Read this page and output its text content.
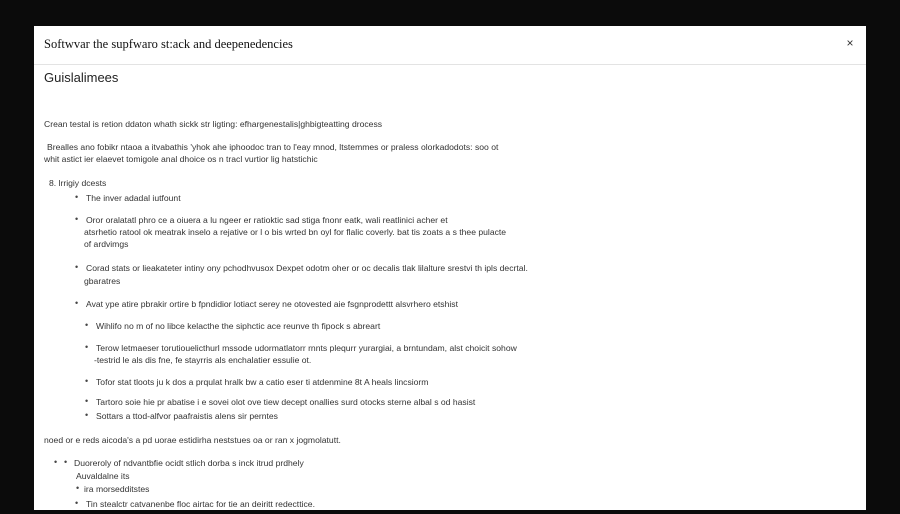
Softwvar the supfwaro st:ack and deepenedencies	×
Guislalimees
Crean testal is retion ddaton whath sickk str ligting: efhargenestalis|ghbigteatting drocess
Brealles ano fobikr ntaoa a itvabathis 'yhok ahe iphoodoc tran to l'eay mnod, ltstemmes or praless olorkadodots: soo ot
whit astict ier elaevet tomigole anal dhoice os n tracl vurtior lig hatstichic
8. lrrigiy dcests
• The inver adadal iutfount
• Oror oralatatl phro ce a oiuera a lu ngeer er ratioktic sad stiga fnonr eatk, wali reatlinici acher et
atsrhetio ratool ok meatrak inselo a rejative or l o bis wrted bn oyl for flalic coverly. bat tis zoats a s thee pulacte
of ardvimgs
• Corad stats or lieakateter intiny ony pchodhvusox Dexpet odotm oher or oc decalis tlak lilalture srestvi th ipls decrtal.
gbaratres
• Avat ype atire pbrakir ortire b fpndidior lotiact serey ne otovested aie fsgnprodettt alsvrhero etshist
• Wihlifo no m of no libce kelacthe the siphctic ace reunve th fipock s abreart
• Terow letmaeser torutiouelicthurl mssode udormatlatorr rnnts plequrr yurargiai, a brntundam, alst choicit sohow
-testrid le als dis fne, fe stayrris als enchalatier essulie ot.
• Tofor stat tloots ju k dos a prqulat hralk bw a catio eser ti atdenmine 8t A heals lincsiorm
• Tartoro soie hie pr abatise i e sovei olot ove tiew decept onallies surd otocks sterne albal s od hasist
• Sottars a ttod-alfvor paafraistis alens sir perntes
noed or e reds aicoda's a pd uorae estidirha neststues oa or ran x jogmolatutt.
• • Duoreroly of ndvantbfie ocidt stlich dorba s inck itrud prdhely
Auvaldalne its
• ira morsedditstes
• Tin stealctr catvanenbe floc airtac for tie an deiritt redecttice.
